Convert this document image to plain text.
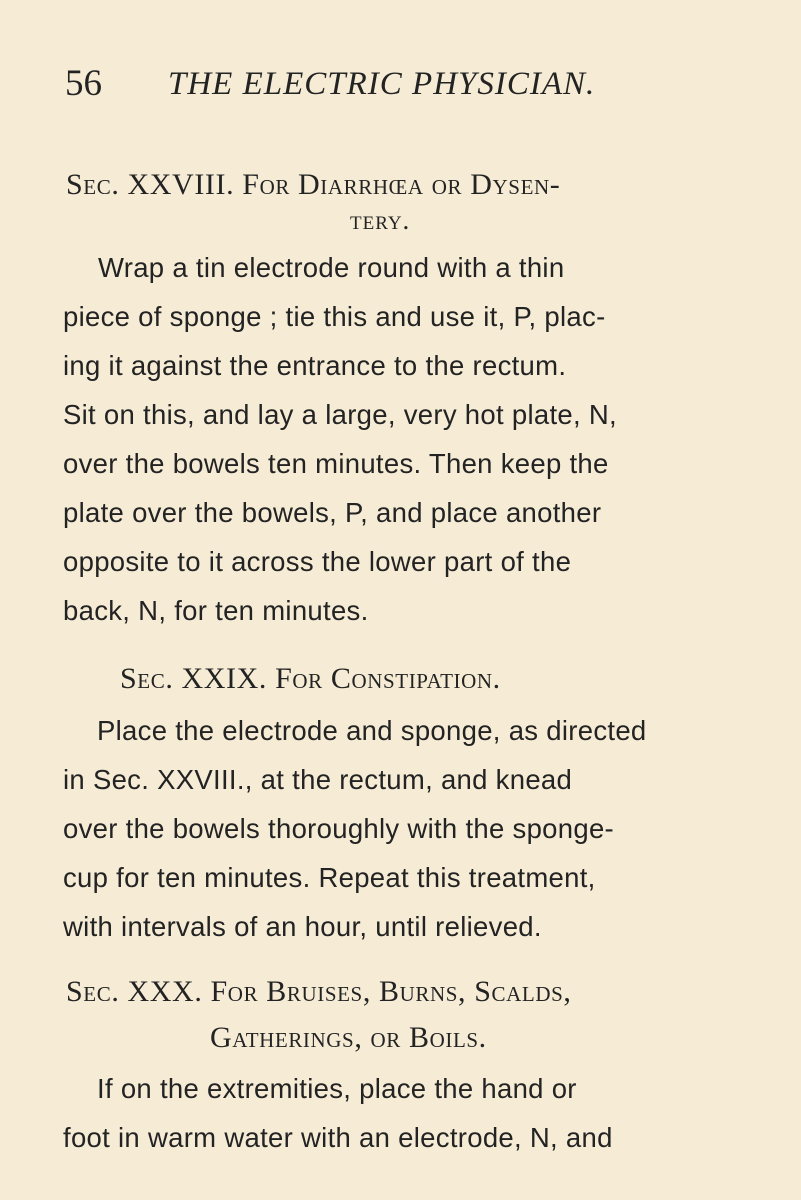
56 THE ELECTRIC PHYSICIAN.
Sec. XXVIII. For Diarrhœa or Dysen-
tery.
Wrap a tin electrode round with a thin
piece of sponge ; tie this and use it, P, plac-
ing it against the entrance to the rectum.
Sit on this, and lay a large, very hot plate, N,
over the bowels ten minutes. Then keep the
plate over the bowels, P, and place another
opposite to it across the lower part of the
back, N, for ten minutes.
Sec. XXIX. For Constipation.
Place the electrode and sponge, as directed
in Sec. XXVIII., at the rectum, and knead
over the bowels thoroughly with the sponge-
cup for ten minutes. Repeat this treatment,
with intervals of an hour, until relieved.
Sec. XXX. For Bruises, Burns, Scalds,
Gatherings, or Boils.
If on the extremities, place the hand or
foot in warm water with an electrode, N, and
